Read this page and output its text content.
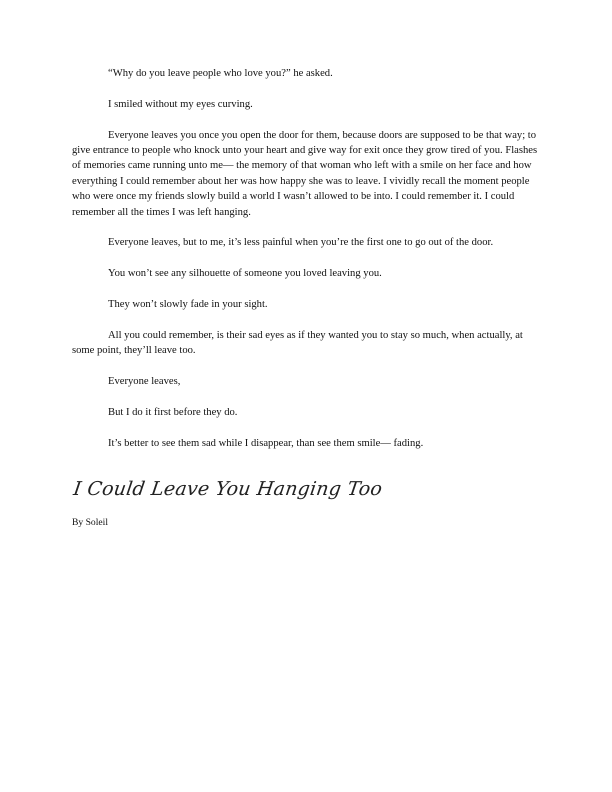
“Why do you leave people who love you?” he asked.

I smiled without my eyes curving.

Everyone leaves you once you open the door for them, because doors are supposed to be that way; to give entrance to people who knock unto your heart and give way for exit once they grow tired of you. Flashes of memories came running unto me— the memory of that woman who left with a smile on her face and how everything I could remember about her was how happy she was to leave. I vividly recall the moment people who were once my friends slowly build a world I wasn’t allowed to be into. I could remember it. I could remember all the times I was left hanging.

Everyone leaves, but to me, it’s less painful when you’re the first one to go out of the door.

You won’t see any silhouette of someone you loved leaving you.

They won’t slowly fade in your sight.

All you could remember, is their sad eyes as if they wanted you to stay so much, when actually, at some point, they’ll leave too.

Everyone leaves,

But I do it first before they do.

It’s better to see them sad while I disappear, than see them smile— fading.

I Could Leave You Hanging Too
By Soleil
